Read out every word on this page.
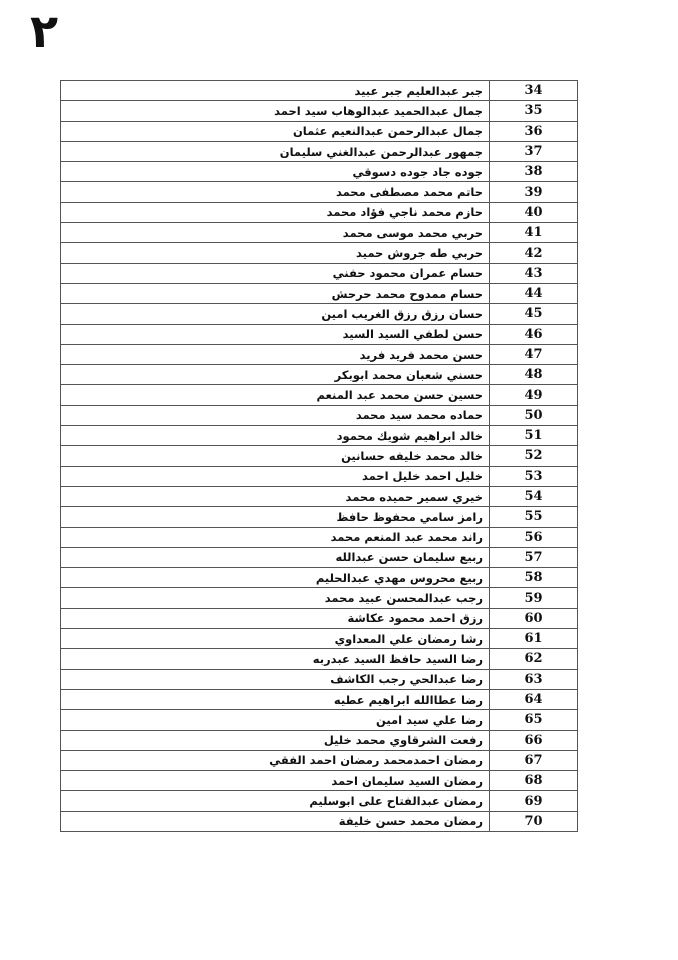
٢
34	جبر عبدالعليم جبر عبيد
35	جمال عبدالحميد عبدالوهاب سيد احمد
36	جمال عبدالرحمن عبدالنعيم عثمان
37	جمهور عبدالرحمن عبدالغني سليمان
38	جوده جاد جوده دسوقي
39	حاتم محمد مصطفى محمد
40	حازم محمد ناجي فؤاد محمد
41	حربي محمد موسى محمد
42	حربي طه جروش حميد
43	حسام عمران محمود حفني
44	حسام ممدوح محمد حرحش
45	حسان رزق رزق الغريب امين
46	حسن لطفي السيد السيد
47	حسن محمد فريد فريد
48	حسني شعبان محمد ابوبكر
49	حسين حسن محمد عبد المنعم
50	حماده محمد سيد محمد
51	خالد ابراهيم شويك محمود
52	خالد محمد خليفه حسانين
53	خليل احمد خليل احمد
54	خيري سمير حميده محمد
55	رامز سامي محفوظ حافظ
56	راند محمد عبد المنعم محمد
57	ربيع سليمان حسن عبدالله
58	ربيع محروس مهدي عبدالحليم
59	رجب عبدالمحسن عبيد محمد
60	رزق احمد محمود عكاشة
61	رشا رمضان علي المعداوي
62	رضا السيد حافظ السيد عبدربه
63	رضا عبدالحي رجب الكاشف
64	رضا عطاالله ابراهيم عطيه
65	رضا علي سيد امين
66	رفعت الشرقاوي محمد خليل
67	رمضان احمدمحمد رمضان احمد الفقي
68	رمضان السيد سليمان احمد
69	رمضان عبدالفتاح على ابوسليم
70	رمضان محمد حسن خليفة
